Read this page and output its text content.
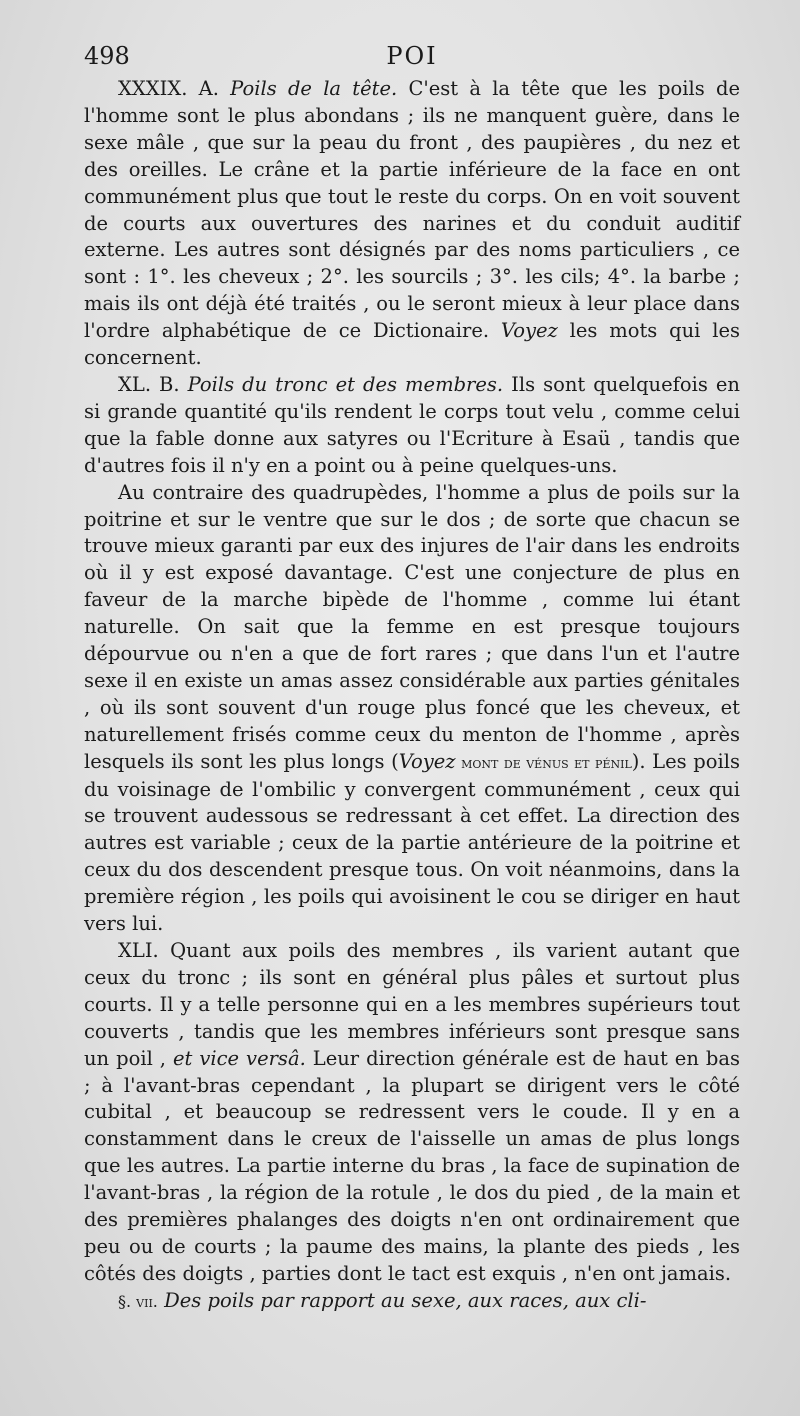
498	POI

XXXIX. A. Poils de la tête. C'est à la tête que les poils de l'homme sont le plus abondans ; ils ne manquent guère, dans le sexe mâle , que sur la peau du front , des paupières , du nez et des oreilles. Le crâne et la partie inférieure de la face en ont communément plus que tout le reste du corps. On en voit souvent de courts aux ouvertures des narines et du conduit auditif externe. Les autres sont désignés par des noms particuliers , ce sont : 1°. les cheveux ; 2°. les sourcils ; 3°. les cils; 4°. la barbe ; mais ils ont déjà été traités , ou le seront mieux à leur place dans l'ordre alphabétique de ce Dictionaire. Voyez les mots qui les concernent.

XL. B. Poils du tronc et des membres. Ils sont quelquefois en si grande quantité qu'ils rendent le corps tout velu , comme celui que la fable donne aux satyres ou l'Ecriture à Esaü , tandis que d'autres fois il n'y en a point ou à peine quelques-uns.

Au contraire des quadrupèdes, l'homme a plus de poils sur la poitrine et sur le ventre que sur le dos ; de sorte que chacun se trouve mieux garanti par eux des injures de l'air dans les endroits où il y est exposé davantage. C'est une conjecture de plus en faveur de la marche bipède de l'homme , comme lui étant naturelle. On sait que la femme en est presque toujours dépourvue ou n'en a que de fort rares ; que dans l'un et l'autre sexe il en existe un amas assez considérable aux parties génitales , où ils sont souvent d'un rouge plus foncé que les cheveux, et naturellement frisés comme ceux du menton de l'homme , après lesquels ils sont les plus longs (Voyez mont de vénus et pénil). Les poils du voisinage de l'ombilic y convergent communément , ceux qui se trouvent audessous se redressant à cet effet. La direction des autres est variable ; ceux de la partie antérieure de la poitrine et ceux du dos descendent presque tous. On voit néanmoins, dans la première région , les poils qui avoisinent le cou se diriger en haut vers lui.

XLI. Quant aux poils des membres , ils varient autant que ceux du tronc ; ils sont en général plus pâles et surtout plus courts. Il y a telle personne qui en a les membres supérieurs tout couverts , tandis que les membres inférieurs sont presque sans un poil , et vice versâ. Leur direction générale est de haut en bas ; à l'avant-bras cependant , la plupart se dirigent vers le côté cubital , et beaucoup se redressent vers le coude. Il y en a constamment dans le creux de l'aisselle un amas de plus longs que les autres. La partie interne du bras , la face de supination de l'avant-bras , la région de la rotule , le dos du pied , de la main et des premières phalanges des doigts n'en ont ordinairement que peu ou de courts ; la paume des mains, la plante des pieds , les côtés des doigts , parties dont le tact est exquis , n'en ont jamais.

§. vii. Des poils par rapport au sexe, aux races, aux cli-
